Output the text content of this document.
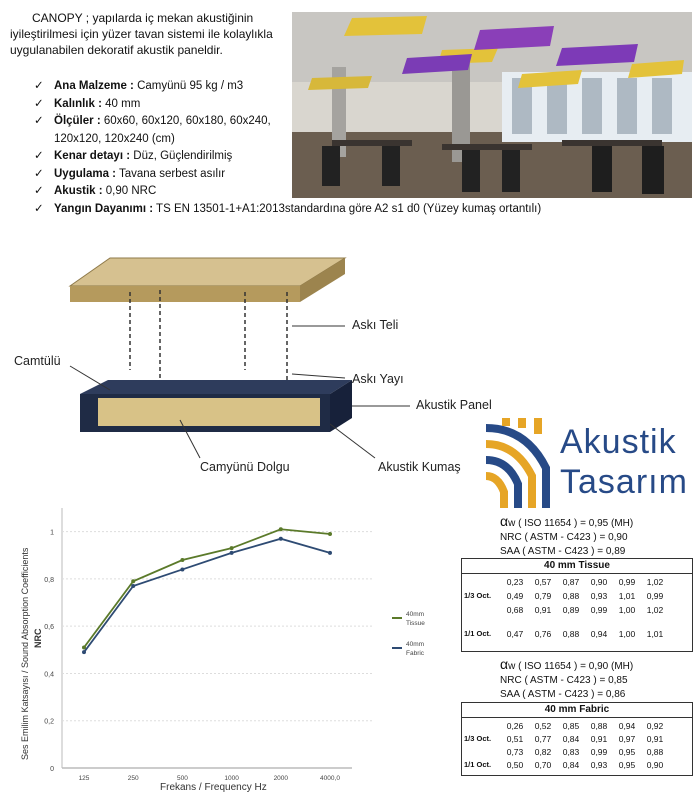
CANOPY ; yapılarda iç mekan akustiğinin
iyileştirilmesi için yüzer tavan sistemi ile kolaylıkla
uygulanabilen dekoratif akustik paneldir.
✓ Ana Malzeme : Camyünü 95 kg / m3
✓ Kalınlık : 40 mm
✓ Ölçüler : 60x60, 60x120, 60x180, 60x240,
120x120, 120x240 (cm)
✓ Kenar detayı : Düz, Güçlendirilmiş
✓ Uygulama : Tavana serbest asılır
✓ Akustik : 0,90 NRC
✓ Yangın Dayanımı : TS EN 13501-1+A1:2013standardına göre A2 s1 d0 (Yüzey kumaş ortantılı)
Askı Teli
Camtülü
Askı Yayı
Akustik Panel
Camyünü Dolgu	Akustik Kumaş
Akustik
Tasarım
αw ( ISO 11654 ) = 0,95 (MH)
NRC ( ASTM - C423 ) = 0,90
SAA ( ASTM - C423 ) = 0,89
40 mm Tissue
0,23	0,57	0,87	0,90	0,99	1,02
1/3 Oct.	0,49	0,79	0,88	0,93	1,01	0,99
0,68	0,91	0,89	0,99	1,00	1,02
1/1 Oct.	0,47	0,76	0,88	0,94	1,00	1,01
αw ( ISO 11654 ) = 0,90 (MH)
NRC ( ASTM - C423 ) = 0,85
SAA ( ASTM - C423 ) = 0,86
40 mm Fabric
0,26	0,52	0,85	0,88	0,94	0,92
1/3 Oct.	0,51	0,77	0,84	0,91	0,97	0,91
0,73	0,82	0,83	0,99	0,95	0,88
1/1 Oct.	0,50	0,70	0,84	0,93	0,95	0,90
0
0,2
0,4
0,6
0,8
1
125	250	500	1000	2000	4000,0
40mm
Tissue
40mm
Fabric
Ses Emilim Katsayısı / Sound Absorption Coefficients NRC
Frekans / Frequency Hz
